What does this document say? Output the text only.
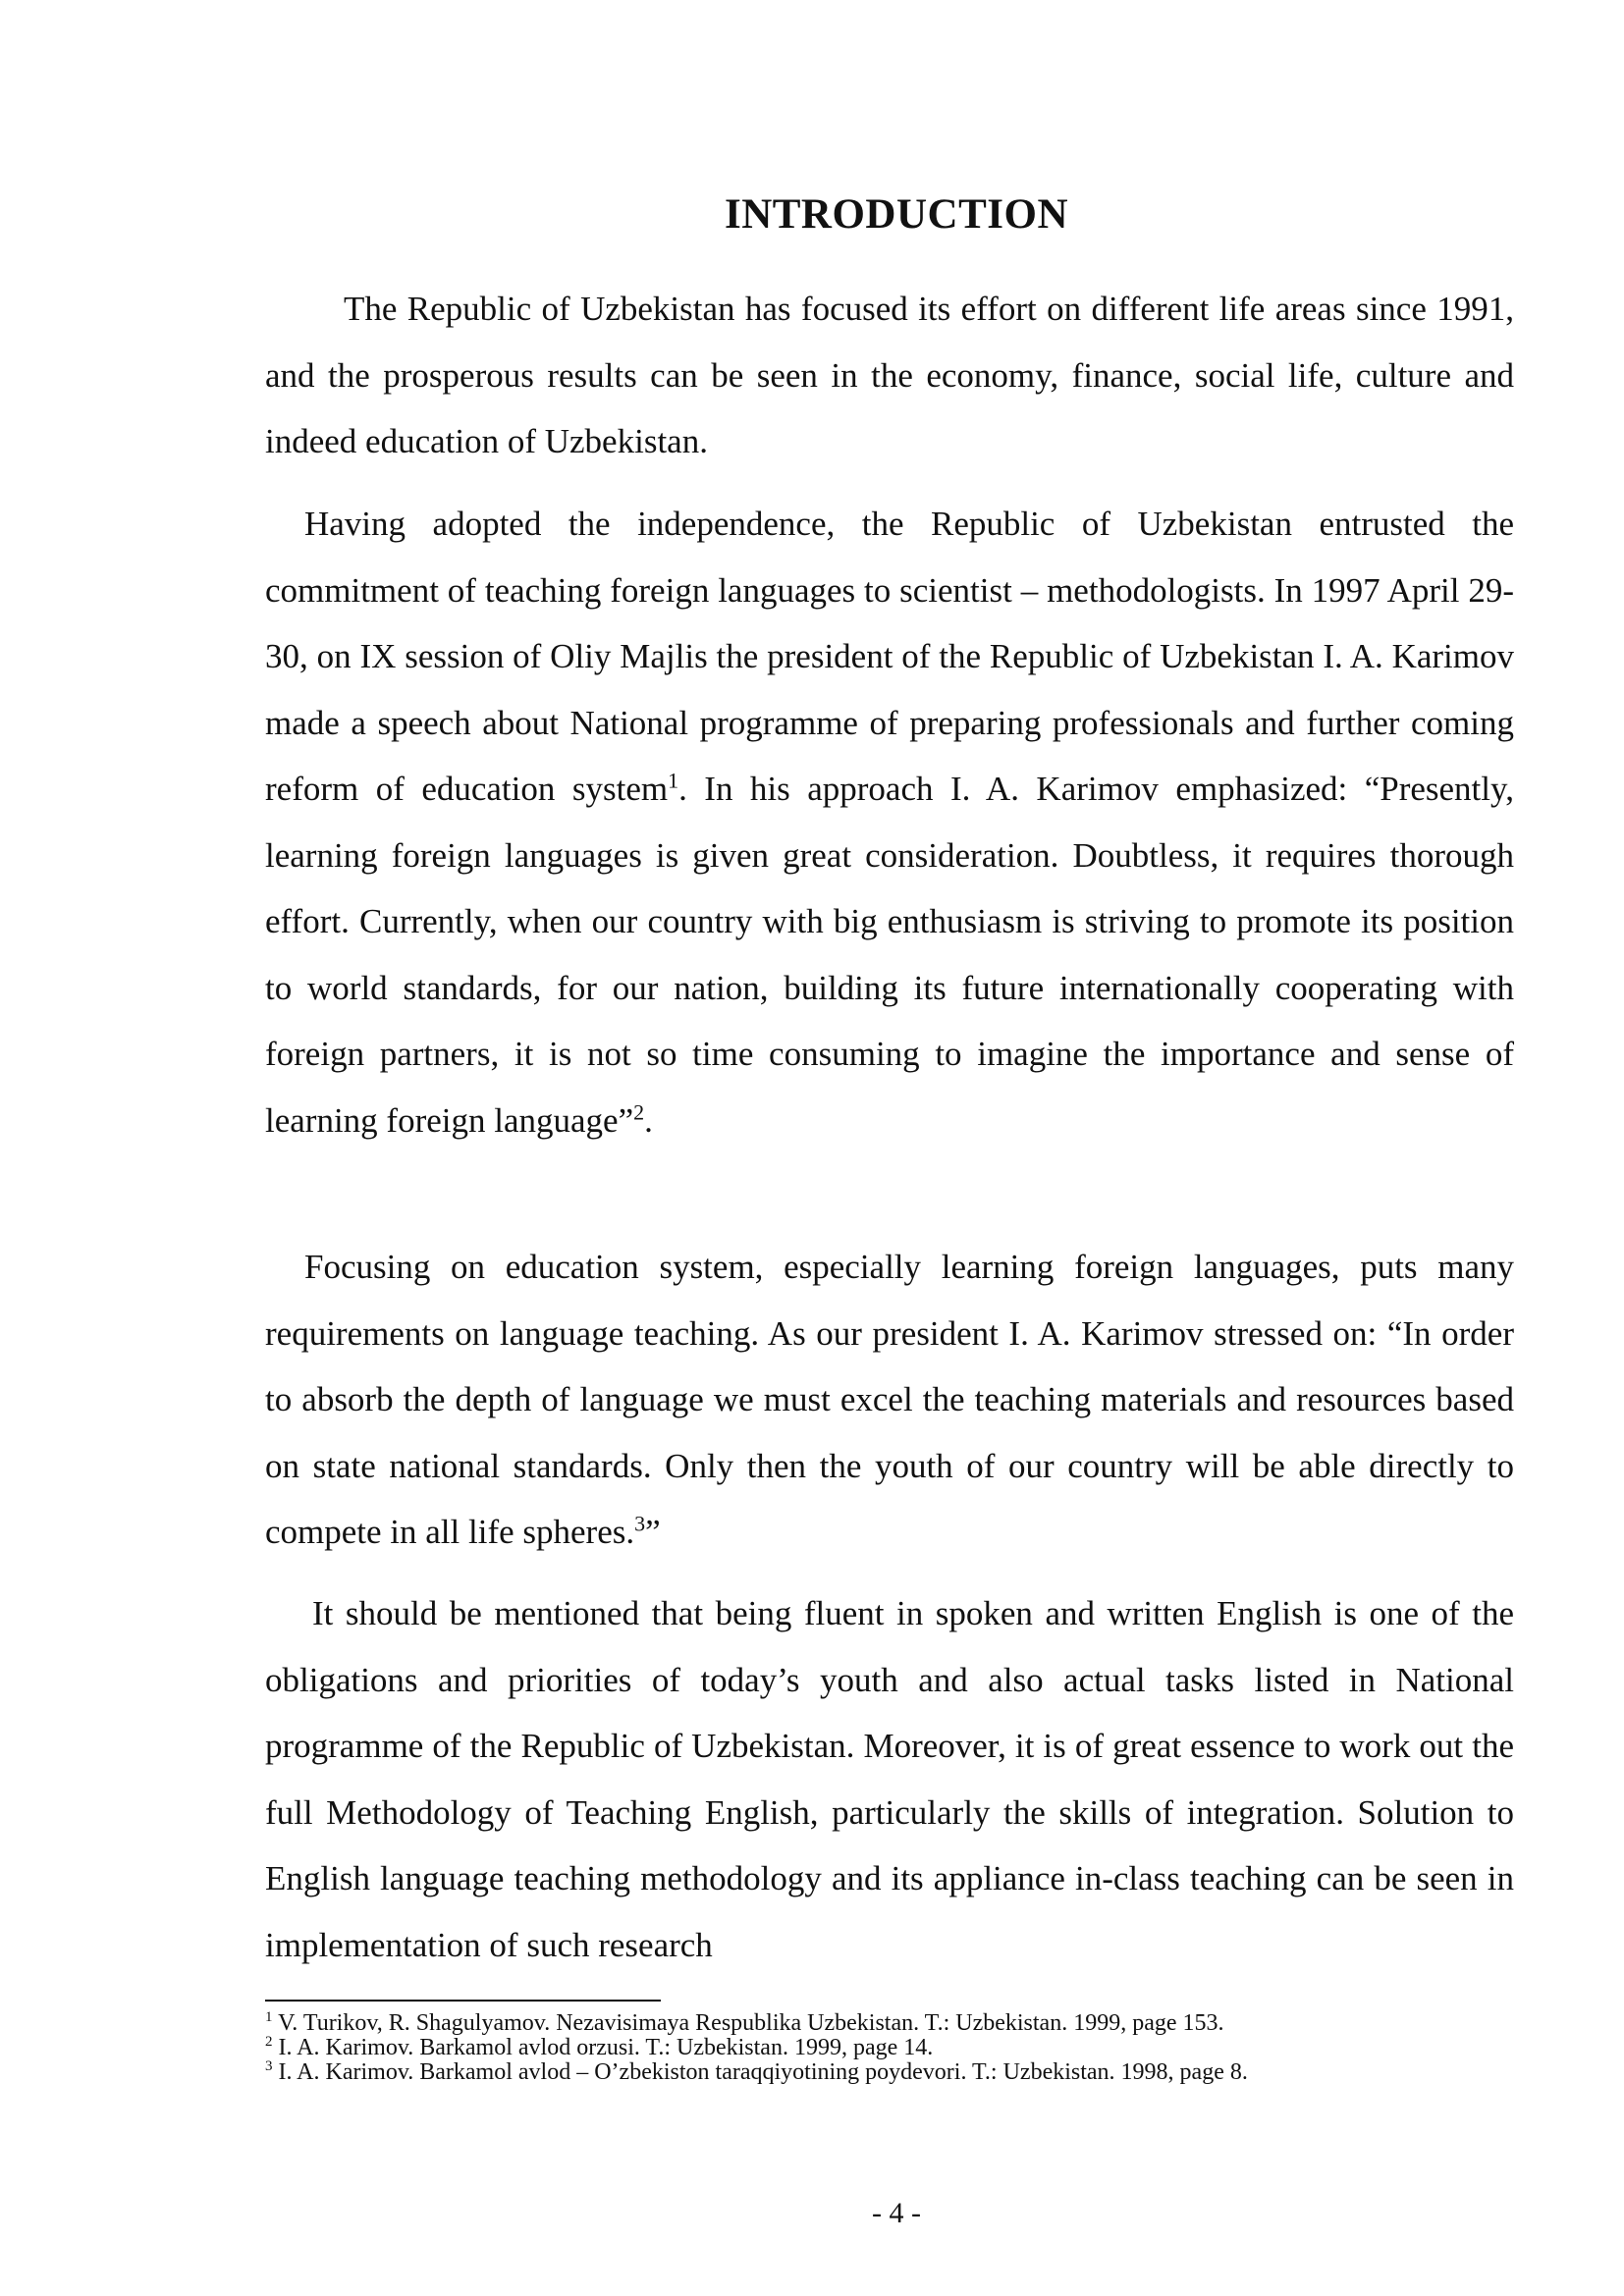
INTRODUCTION

The Republic of Uzbekistan has focused its effort on different life areas since 1991, and the prosperous results can be seen in the economy, finance, social life, culture and indeed education of Uzbekistan.

Having adopted the independence, the Republic of Uzbekistan entrusted the commitment of teaching foreign languages to scientist – methodologists. In 1997 April 29-30, on IX session of Oliy Majlis the president of the Republic of Uzbekistan I. A. Karimov made a speech about National programme of preparing professionals and further coming reform of education system$^1$. In his approach I. A. Karimov emphasized: “Presently, learning foreign languages is given great consideration. Doubtless, it requires thorough effort. Currently, when our country with big enthusiasm is striving to promote its position to world standards, for our nation, building its future internationally cooperating with foreign partners, it is not so time consuming to imagine the importance and sense of learning foreign language”$^2$.

Focusing on education system, especially learning foreign languages, puts many requirements on language teaching. As our president I. A. Karimov stressed on: “In order to absorb the depth of language we must excel the teaching materials and resources based on state national standards. Only then the youth of our country will be able directly to compete in all life spheres.$^3$”

It should be mentioned that being fluent in spoken and written English is one of the obligations and priorities of today’s youth and also actual tasks listed in National programme of the Republic of Uzbekistan. Moreover, it is of great essence to work out the full Methodology of Teaching English, particularly the skills of integration. Solution to English language teaching methodology and its appliance in-class teaching can be seen in implementation of such research

$^1$ V. Turikov, R. Shagulyamov. Nezavisimaya Respublika Uzbekistan. T.: Uzbekistan. 1999, page 153.
$^2$ I. A. Karimov. Barkamol avlod orzusi. T.: Uzbekistan. 1999, page 14.
$^3$ I. A. Karimov. Barkamol avlod – O’zbekiston taraqqiyotining poydevori. T.: Uzbekistan. 1998, page 8.
- 4 -
